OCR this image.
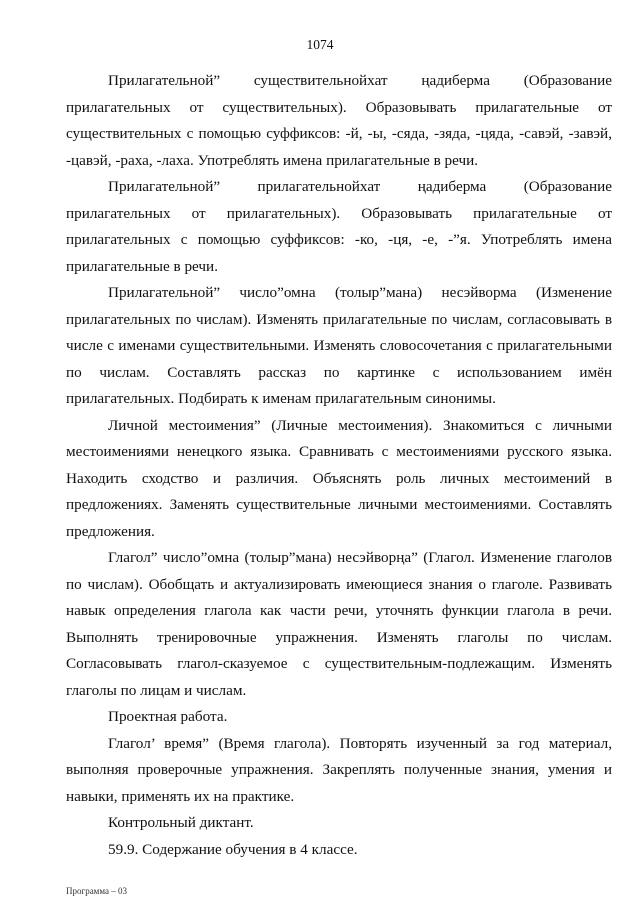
1074

Прилагательной” существительнойхат ңадиберма (Образование прилагательных от существительных). Образовывать прилагательные от существительных с помощью суффиксов: -й, -ы, -сяда, -зяда, -цяда, -савэй, -завэй, -цавэй, -раха, -лаха. Употреблять имена прилагательные в речи.

Прилагательной” прилагательнойхат ңадиберма (Образование прилагательных от прилагательных). Образовывать прилагательные от прилагательных с помощью суффиксов: -ко, -ця, -е, -”я. Употреблять имена прилагательные в речи.

Прилагательной” число”омна (толыр”мана) несэйворма (Изменение прилагательных по числам). Изменять прилагательные по числам, согласовывать в числе с именами существительными. Изменять словосочетания с прилагательными по числам. Составлять рассказ по картинке с использованием имён прилагательных. Подбирать к именам прилагательным синонимы.

Личной местоимения” (Личные местоимения). Знакомиться с личными местоимениями ненецкого языка. Сравнивать с местоимениями русского языка. Находить сходство и различия. Объяснять роль личных местоимений в предложениях. Заменять существительные личными местоимениями. Составлять предложения.

Глагол” число”омна (толыр”мана) несэйворңа” (Глагол. Изменение глаголов по числам). Обобщать и актуализировать имеющиеся знания о глаголе. Развивать навык определения глагола как части речи, уточнять функции глагола в речи. Выполнять тренировочные упражнения. Изменять глаголы по числам. Согласовывать глагол-сказуемое с существительным-подлежащим. Изменять глаголы по лицам и числам.

Проектная работа.

Глагол’ время” (Время глагола). Повторять изученный за год материал, выполняя проверочные упражнения. Закреплять полученные знания, умения и навыки, применять их на практике.

Контрольный диктант.

59.9. Содержание обучения в 4 классе.

Программа – 03
